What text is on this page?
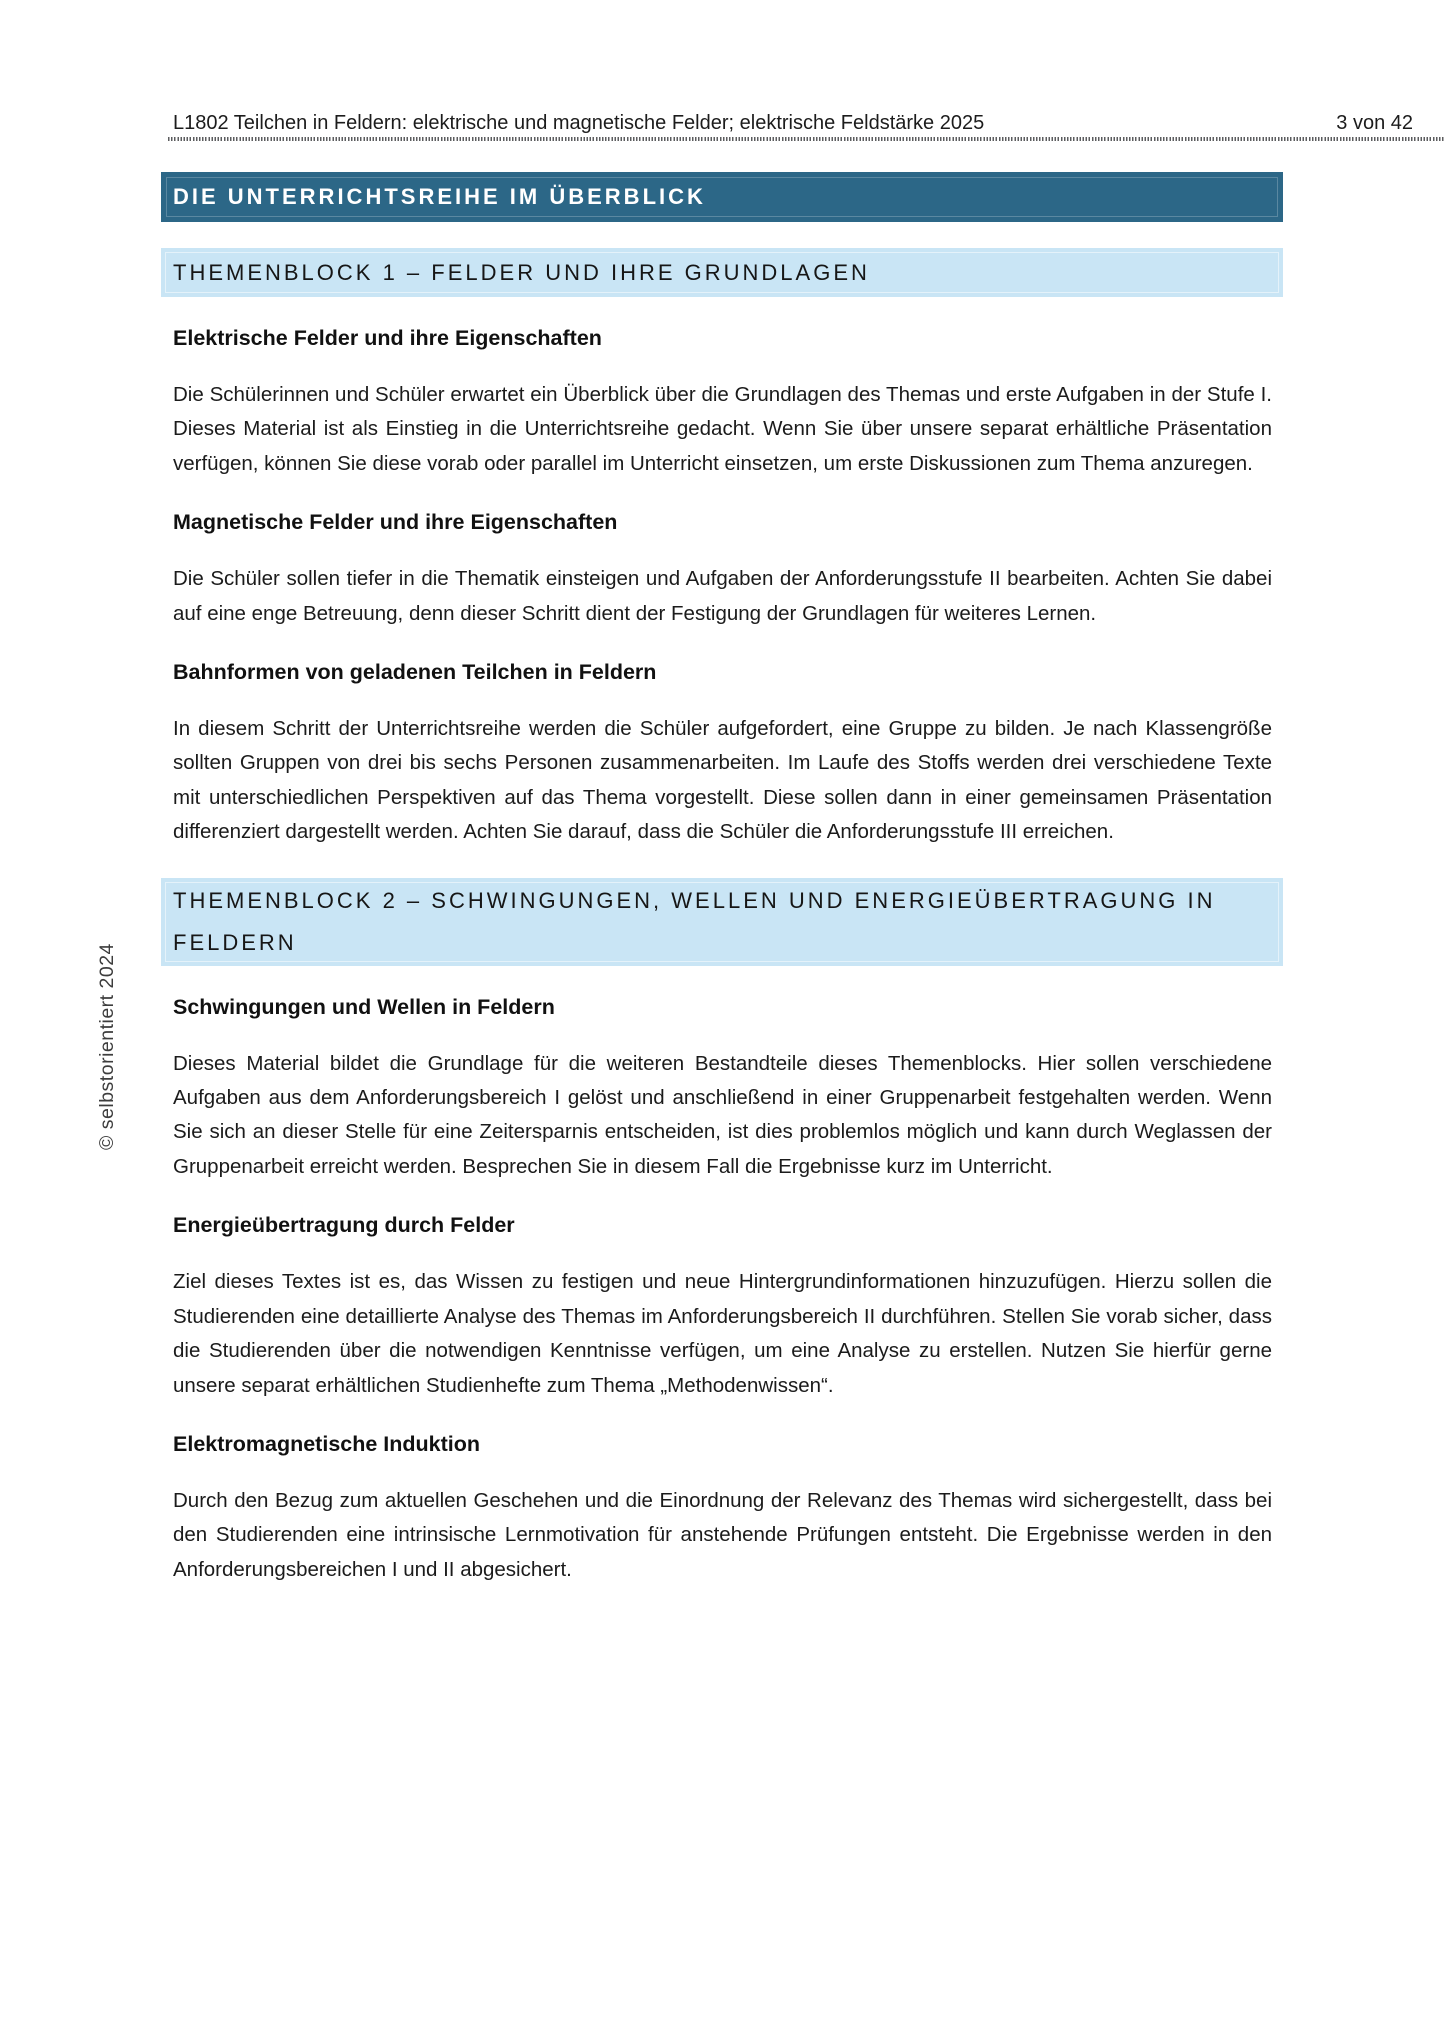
L1802 Teilchen in Feldern: elektrische und magnetische Felder; elektrische Feldstärke 2025	3 von 42
© selbstorientiert 2024
DIE UNTERRICHTSREIHE IM ÜBERBLICK
THEMENBLOCK 1 – FELDER UND IHRE GRUNDLAGEN
Elektrische Felder und ihre Eigenschaften

Die Schülerinnen und Schüler erwartet ein Überblick über die Grundlagen des Themas und erste Aufgaben in der Stufe I. Dieses Material ist als Einstieg in die Unterrichtsreihe gedacht. Wenn Sie über unsere separat erhältliche Präsentation verfügen, können Sie diese vorab oder parallel im Unterricht einsetzen, um erste Diskussionen zum Thema anzuregen.

Magnetische Felder und ihre Eigenschaften

Die Schüler sollen tiefer in die Thematik einsteigen und Aufgaben der Anforderungsstufe II bearbeiten. Achten Sie dabei auf eine enge Betreuung, denn dieser Schritt dient der Festigung der Grundlagen für weiteres Lernen.

Bahnformen von geladenen Teilchen in Feldern

In diesem Schritt der Unterrichtsreihe werden die Schüler aufgefordert, eine Gruppe zu bilden. Je nach Klassengröße sollten Gruppen von drei bis sechs Personen zusammenarbeiten. Im Laufe des Stoffs werden drei verschiedene Texte mit unterschiedlichen Perspektiven auf das Thema vorgestellt. Diese sollen dann in einer gemeinsamen Präsentation differenziert dargestellt werden. Achten Sie darauf, dass die Schüler die Anforderungsstufe III erreichen.

THEMENBLOCK 2 – SCHWINGUNGEN, WELLEN UND ENERGIEÜBERTRAGUNG IN FELDERN
Schwingungen und Wellen in Feldern

Dieses Material bildet die Grundlage für die weiteren Bestandteile dieses Themenblocks. Hier sollen verschiedene Aufgaben aus dem Anforderungsbereich I gelöst und anschließend in einer Gruppenarbeit festgehalten werden. Wenn Sie sich an dieser Stelle für eine Zeitersparnis entscheiden, ist dies problemlos möglich und kann durch Weglassen der Gruppenarbeit erreicht werden. Besprechen Sie in diesem Fall die Ergebnisse kurz im Unterricht.

Energieübertragung durch Felder

Ziel dieses Textes ist es, das Wissen zu festigen und neue Hintergrundinformationen hinzuzufügen. Hierzu sollen die Studierenden eine detaillierte Analyse des Themas im Anforderungsbereich II durchführen. Stellen Sie vorab sicher, dass die Studierenden über die notwendigen Kenntnisse verfügen, um eine Analyse zu erstellen. Nutzen Sie hierfür gerne unsere separat erhältlichen Studienhefte zum Thema „Methodenwissen“.

Elektromagnetische Induktion

Durch den Bezug zum aktuellen Geschehen und die Einordnung der Relevanz des Themas wird sichergestellt, dass bei den Studierenden eine intrinsische Lernmotivation für anstehende Prüfungen entsteht. Die Ergebnisse werden in den Anforderungsbereichen I und II abgesichert.
